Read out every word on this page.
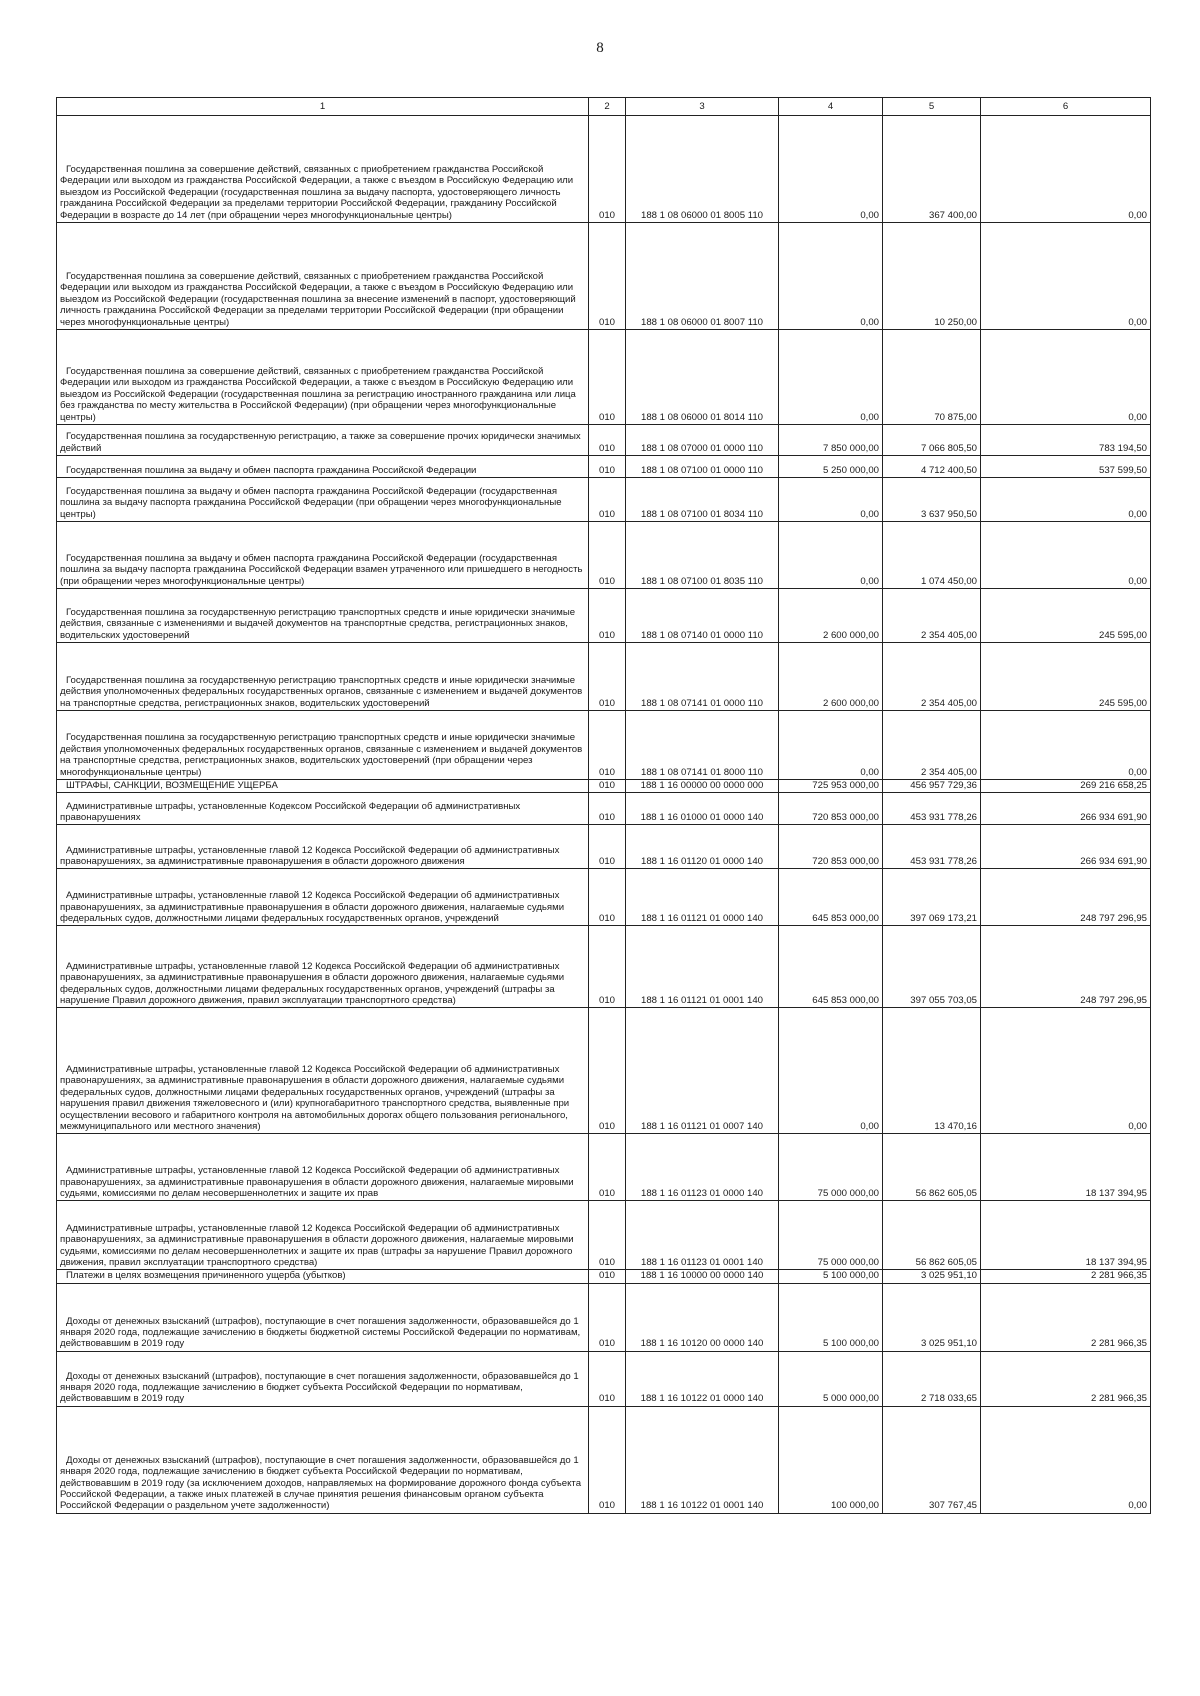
8
1	2	3	4	5	6
Государственная пошлина за совершение действий, связанных с приобретением гражданства Российской Федерации или выходом из гражданства Российской Федерации, а также с въездом в Российскую Федерацию или выездом из Российской Федерации (государственная пошлина за выдачу паспорта, удостоверяющего личность гражданина Российской Федерации за пределами территории Российской Федерации, гражданину Российской Федерации в возрасте до 14 лет (при обращении через многофункциональные центры)	010	188 1 08 06000 01 8005 110	0,00	367 400,00	0,00
Государственная пошлина за совершение действий, связанных с приобретением гражданства Российской Федерации или выходом из гражданства Российской Федерации, а также с въездом в Российскую Федерацию или выездом из Российской Федерации (государственная пошлина за внесение изменений в паспорт, удостоверяющий личность гражданина Российской Федерации за пределами территории Российской Федерации (при обращении через многофункциональные центры)	010	188 1 08 06000 01 8007 110	0,00	10 250,00	0,00
Государственная пошлина за совершение действий, связанных с приобретением гражданства Российской Федерации или выходом из гражданства Российской Федерации, а также с въездом в Российскую Федерацию или выездом из Российской Федерации (государственная пошлина за регистрацию иностранного гражданина или лица без гражданства по месту жительства в Российской Федерации) (при обращении через многофункциональные центры)	010	188 1 08 06000 01 8014 110	0,00	70 875,00	0,00
Государственная пошлина за государственную регистрацию, а также за совершение прочих юридически значимых действий	010	188 1 08 07000 01 0000 110	7 850 000,00	7 066 805,50	783 194,50
Государственная пошлина за выдачу и обмен паспорта гражданина Российской Федерации	010	188 1 08 07100 01 0000 110	5 250 000,00	4 712 400,50	537 599,50
Государственная пошлина за выдачу и обмен паспорта гражданина Российской Федерации (государственная пошлина за выдачу паспорта гражданина Российской Федерации (при обращении через многофункциональные центры)	010	188 1 08 07100 01 8034 110	0,00	3 637 950,50	0,00
Государственная пошлина за выдачу и обмен паспорта гражданина Российской Федерации (государственная пошлина за выдачу паспорта гражданина Российской Федерации взамен утраченного или пришедшего в негодность (при обращении через многофункциональные центры)	010	188 1 08 07100 01 8035 110	0,00	1 074 450,00	0,00
Государственная пошлина за государственную регистрацию транспортных средств и иные юридически значимые действия, связанные с изменениями и выдачей документов на транспортные средства, регистрационных знаков, водительских удостоверений	010	188 1 08 07140 01 0000 110	2 600 000,00	2 354 405,00	245 595,00
Государственная пошлина за государственную регистрацию транспортных средств и иные юридически значимые действия уполномоченных федеральных государственных органов, связанные с изменением и выдачей документов на транспортные средства, регистрационных знаков, водительских удостоверений	010	188 1 08 07141 01 0000 110	2 600 000,00	2 354 405,00	245 595,00
Государственная пошлина за государственную регистрацию транспортных средств и иные юридически значимые действия уполномоченных федеральных государственных органов, связанные с изменением и выдачей документов на транспортные средства, регистрационных знаков, водительских удостоверений (при обращении через многофункциональные центры)	010	188 1 08 07141 01 8000 110	0,00	2 354 405,00	0,00
ШТРАФЫ, САНКЦИИ, ВОЗМЕЩЕНИЕ УЩЕРБА	010	188 1 16 00000 00 0000 000	725 953 000,00	456 957 729,36	269 216 658,25
Административные штрафы, установленные Кодексом Российской Федерации об административных правонарушениях	010	188 1 16 01000 01 0000 140	720 853 000,00	453 931 778,26	266 934 691,90
Административные штрафы, установленные главой 12 Кодекса Российской Федерации об административных правонарушениях, за административные правонарушения в области дорожного движения	010	188 1 16 01120 01 0000 140	720 853 000,00	453 931 778,26	266 934 691,90
Административные штрафы, установленные главой 12 Кодекса Российской Федерации об административных правонарушениях, за административные правонарушения в области дорожного движения, налагаемые судьями федеральных судов, должностными лицами федеральных государственных органов, учреждений	010	188 1 16 01121 01 0000 140	645 853 000,00	397 069 173,21	248 797 296,95
Административные штрафы, установленные главой 12 Кодекса Российской Федерации об административных правонарушениях, за административные правонарушения в области дорожного движения, налагаемые судьями федеральных судов, должностными лицами федеральных государственных органов, учреждений (штрафы за нарушение Правил дорожного движения, правил эксплуатации транспортного средства)	010	188 1 16 01121 01 0001 140	645 853 000,00	397 055 703,05	248 797 296,95
Административные штрафы, установленные главой 12 Кодекса Российской Федерации об административных правонарушениях, за административные правонарушения в области дорожного движения, налагаемые судьями федеральных судов, должностными лицами федеральных государственных органов, учреждений (штрафы за нарушения правил движения тяжеловесного и (или) крупногабаритного транспортного средства, выявленные при осуществлении весового и габаритного контроля на автомобильных дорогах общего пользования регионального, межмуниципального или местного значения)	010	188 1 16 01121 01 0007 140	0,00	13 470,16	0,00
Административные штрафы, установленные главой 12 Кодекса Российской Федерации об административных правонарушениях, за административные правонарушения в области дорожного движения, налагаемые мировыми судьями, комиссиями по делам несовершеннолетних и защите их прав	010	188 1 16 01123 01 0000 140	75 000 000,00	56 862 605,05	18 137 394,95
Административные штрафы, установленные главой 12 Кодекса Российской Федерации об административных правонарушениях, за административные правонарушения в области дорожного движения, налагаемые мировыми судьями, комиссиями по делам несовершеннолетних и защите их прав (штрафы за нарушение Правил дорожного движения, правил эксплуатации транспортного средства)	010	188 1 16 01123 01 0001 140	75 000 000,00	56 862 605,05	18 137 394,95
Платежи в целях возмещения причиненного ущерба (убытков)	010	188 1 16 10000 00 0000 140	5 100 000,00	3 025 951,10	2 281 966,35
Доходы от денежных взысканий (штрафов), поступающие в счет погашения задолженности, образовавшейся до 1 января 2020 года, подлежащие зачислению в бюджеты бюджетной системы Российской Федерации по нормативам, действовавшим в 2019 году	010	188 1 16 10120 00 0000 140	5 100 000,00	3 025 951,10	2 281 966,35
Доходы от денежных взысканий (штрафов), поступающие в счет погашения задолженности, образовавшейся до 1 января 2020 года, подлежащие зачислению в бюджет субъекта Российской Федерации по нормативам, действовавшим в 2019 году	010	188 1 16 10122 01 0000 140	5 000 000,00	2 718 033,65	2 281 966,35
Доходы от денежных взысканий (штрафов), поступающие в счет погашения задолженности, образовавшейся до 1 января 2020 года, подлежащие зачислению в бюджет субъекта Российской Федерации по нормативам, действовавшим в 2019 году (за исключением доходов, направляемых на формирование дорожного фонда субъекта Российской Федерации, а также иных платежей в случае принятия решения финансовым органом субъекта Российской Федерации о раздельном учете задолженности)	010	188 1 16 10122 01 0001 140	100 000,00	307 767,45	0,00
